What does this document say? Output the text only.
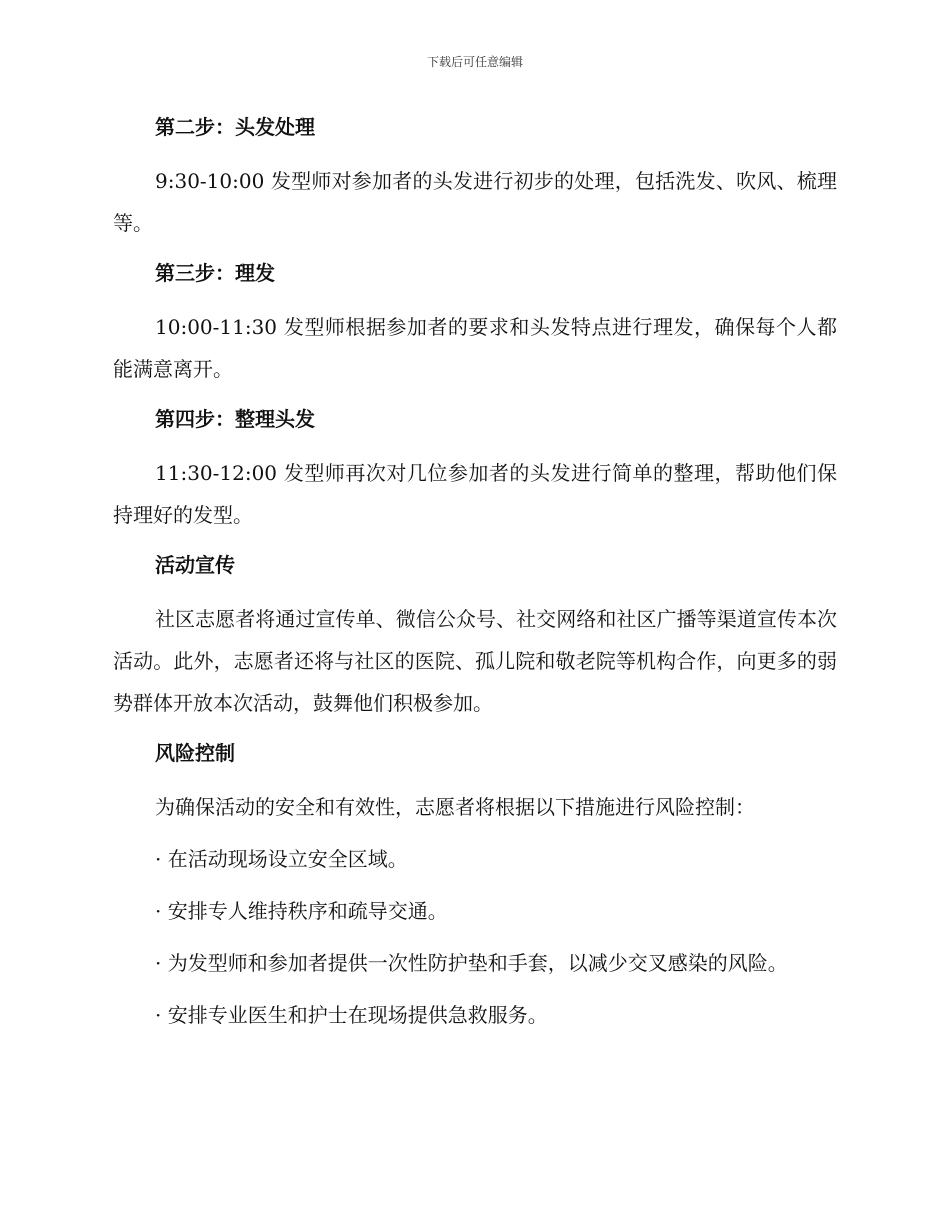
下载后可任意编辑
第二步：头发处理
9:30-10:00 发型师对参加者的头发进行初步的处理，包括洗发、吹风、梳理等。
第三步：理发
10:00-11:30 发型师根据参加者的要求和头发特点进行理发，确保每个人都能满意离开。
第四步：整理头发
11:30-12:00 发型师再次对几位参加者的头发进行简单的整理，帮助他们保持理好的发型。
活动宣传
社区志愿者将通过宣传单、微信公众号、社交网络和社区广播等渠道宣传本次活动。此外，志愿者还将与社区的医院、孤儿院和敬老院等机构合作，向更多的弱势群体开放本次活动，鼓舞他们积极参加。
风险控制
为确保活动的安全和有效性，志愿者将根据以下措施进行风险控制：
· 在活动现场设立安全区域。
· 安排专人维持秩序和疏导交通。
· 为发型师和参加者提供一次性防护垫和手套，以减少交叉感染的风险。
· 安排专业医生和护士在现场提供急救服务。
